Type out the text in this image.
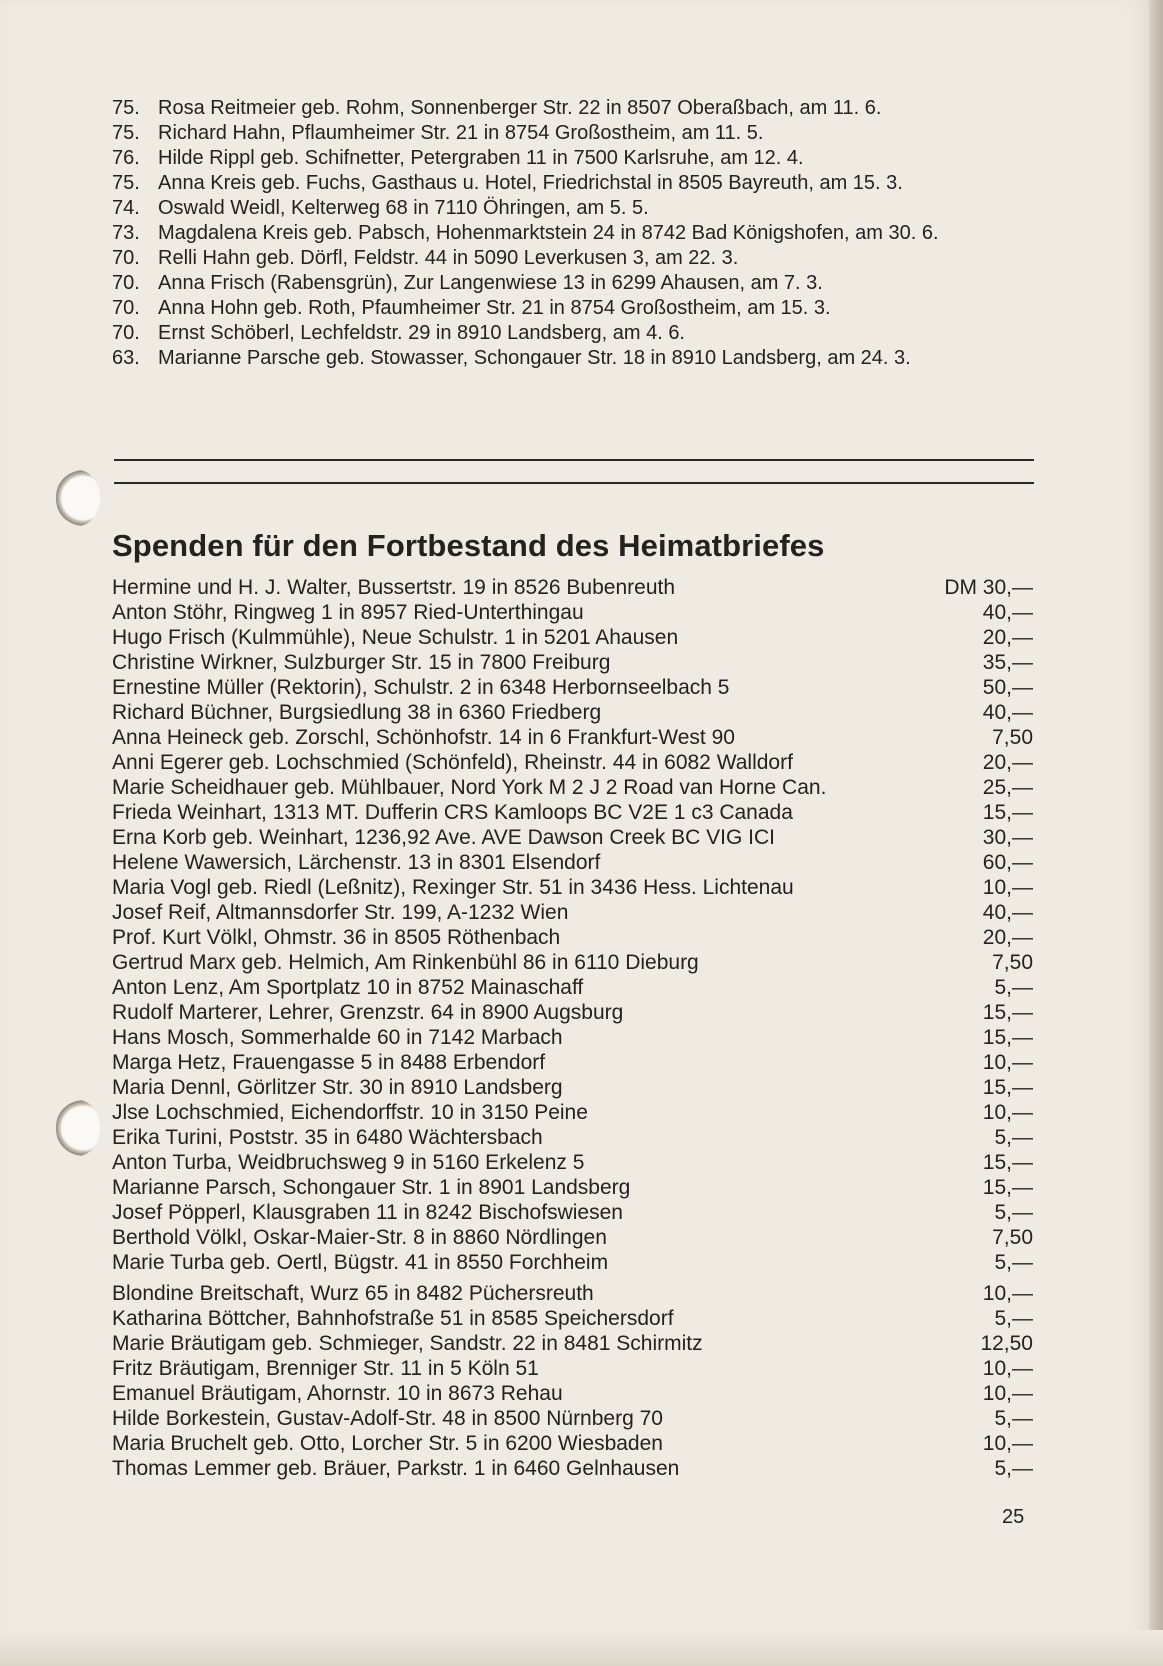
75. Rosa Reitmeier geb. Rohm, Sonnenberger Str. 22 in 8507 Oberaßbach, am 11. 6.
75. Richard Hahn, Pflaumheimer Str. 21 in 8754 Großostheim, am 11. 5.
76. Hilde Rippl geb. Schifnetter, Petergraben 11 in 7500 Karlsruhe, am 12. 4.
75. Anna Kreis geb. Fuchs, Gasthaus u. Hotel, Friedrichstal in 8505 Bayreuth, am 15. 3.
74. Oswald Weidl, Kelterweg 68 in 7110 Öhringen, am 5. 5.
73. Magdalena Kreis geb. Pabsch, Hohenmarktstein 24 in 8742 Bad Königshofen, am 30. 6.
70. Relli Hahn geb. Dörfl, Feldstr. 44 in 5090 Leverkusen 3, am 22. 3.
70. Anna Frisch (Rabensgrün), Zur Langenwiese 13 in 6299 Ahausen, am 7. 3.
70. Anna Hohn geb. Roth, Pfaumheimer Str. 21 in 8754 Großostheim, am 15. 3.
70. Ernst Schöberl, Lechfeldstr. 29 in 8910 Landsberg, am 4. 6.
63. Marianne Parsche geb. Stowasser, Schongauer Str. 18 in 8910 Landsberg, am 24. 3.
Spenden für den Fortbestand des Heimatbriefes
Hermine und H. J. Walter, Bussertstr. 19 in 8526 Bubenreuth	DM 30,—
Anton Stöhr, Ringweg 1 in 8957 Ried-Unterthingau	40,—
Hugo Frisch (Kulmmühle), Neue Schulstr. 1 in 5201 Ahausen	20,—
Christine Wirkner, Sulzburger Str. 15 in 7800 Freiburg	35,—
Ernestine Müller (Rektorin), Schulstr. 2 in 6348 Herbornseelbach 5	50,—
Richard Büchner, Burgsiedlung 38 in 6360 Friedberg	40,—
Anna Heineck geb. Zorschl, Schönhofstr. 14 in 6 Frankfurt-West 90	7,50
Anni Egerer geb. Lochschmied (Schönfeld), Rheinstr. 44 in 6082 Walldorf	20,—
Marie Scheidhauer geb. Mühlbauer, Nord York M 2 J 2 Road van Horne Can.	25,—
Frieda Weinhart, 1313 MT. Dufferin CRS Kamloops BC V2E 1 c3 Canada	15,—
Erna Korb geb. Weinhart, 1236,92 Ave. AVE Dawson Creek BC VIG ICI	30,—
Helene Wawersich, Lärchenstr. 13 in 8301 Elsendorf	60,—
Maria Vogl geb. Riedl (Leßnitz), Rexinger Str. 51 in 3436 Hess. Lichtenau	10,—
Josef Reif, Altmannsdorfer Str. 199, A-1232 Wien	40,—
Prof. Kurt Völkl, Ohmstr. 36 in 8505 Röthenbach	20,—
Gertrud Marx geb. Helmich, Am Rinkenbühl 86 in 6110 Dieburg	7,50
Anton Lenz, Am Sportplatz 10 in 8752 Mainaschaff	5,—
Rudolf Marterer, Lehrer, Grenzstr. 64 in 8900 Augsburg	15,—
Hans Mosch, Sommerhalde 60 in 7142 Marbach	15,—
Marga Hetz, Frauengasse 5 in 8488 Erbendorf	10,—
Maria Dennl, Görlitzer Str. 30 in 8910 Landsberg	15,—
Jlse Lochschmied, Eichendorffstr. 10 in 3150 Peine	10,—
Erika Turini, Poststr. 35 in 6480 Wächtersbach	5,—
Anton Turba, Weidbruchsweg 9 in 5160 Erkelenz 5	15,—
Marianne Parsch, Schongauer Str. 1 in 8901 Landsberg	15,—
Josef Pöpperl, Klausgraben 11 in 8242 Bischofswiesen	5,—
Berthold Völkl, Oskar-Maier-Str. 8 in 8860 Nördlingen	7,50
Marie Turba geb. Oertl, Bügstr. 41 in 8550 Forchheim	5,—
Blondine Breitschaft, Wurz 65 in 8482 Püchersreuth	10,—
Katharina Böttcher, Bahnhofstraße 51 in 8585 Speichersdorf	5,—
Marie Bräutigam geb. Schmieger, Sandstr. 22 in 8481 Schirmitz	12,50
Fritz Bräutigam, Brenniger Str. 11 in 5 Köln 51	10,—
Emanuel Bräutigam, Ahornstr. 10 in 8673 Rehau	10,—
Hilde Borkestein, Gustav-Adolf-Str. 48 in 8500 Nürnberg 70	5,—
Maria Bruchelt geb. Otto, Lorcher Str. 5 in 6200 Wiesbaden	10,—
Thomas Lemmer geb. Bräuer, Parkstr. 1 in 6460 Gelnhausen	5,—
25
